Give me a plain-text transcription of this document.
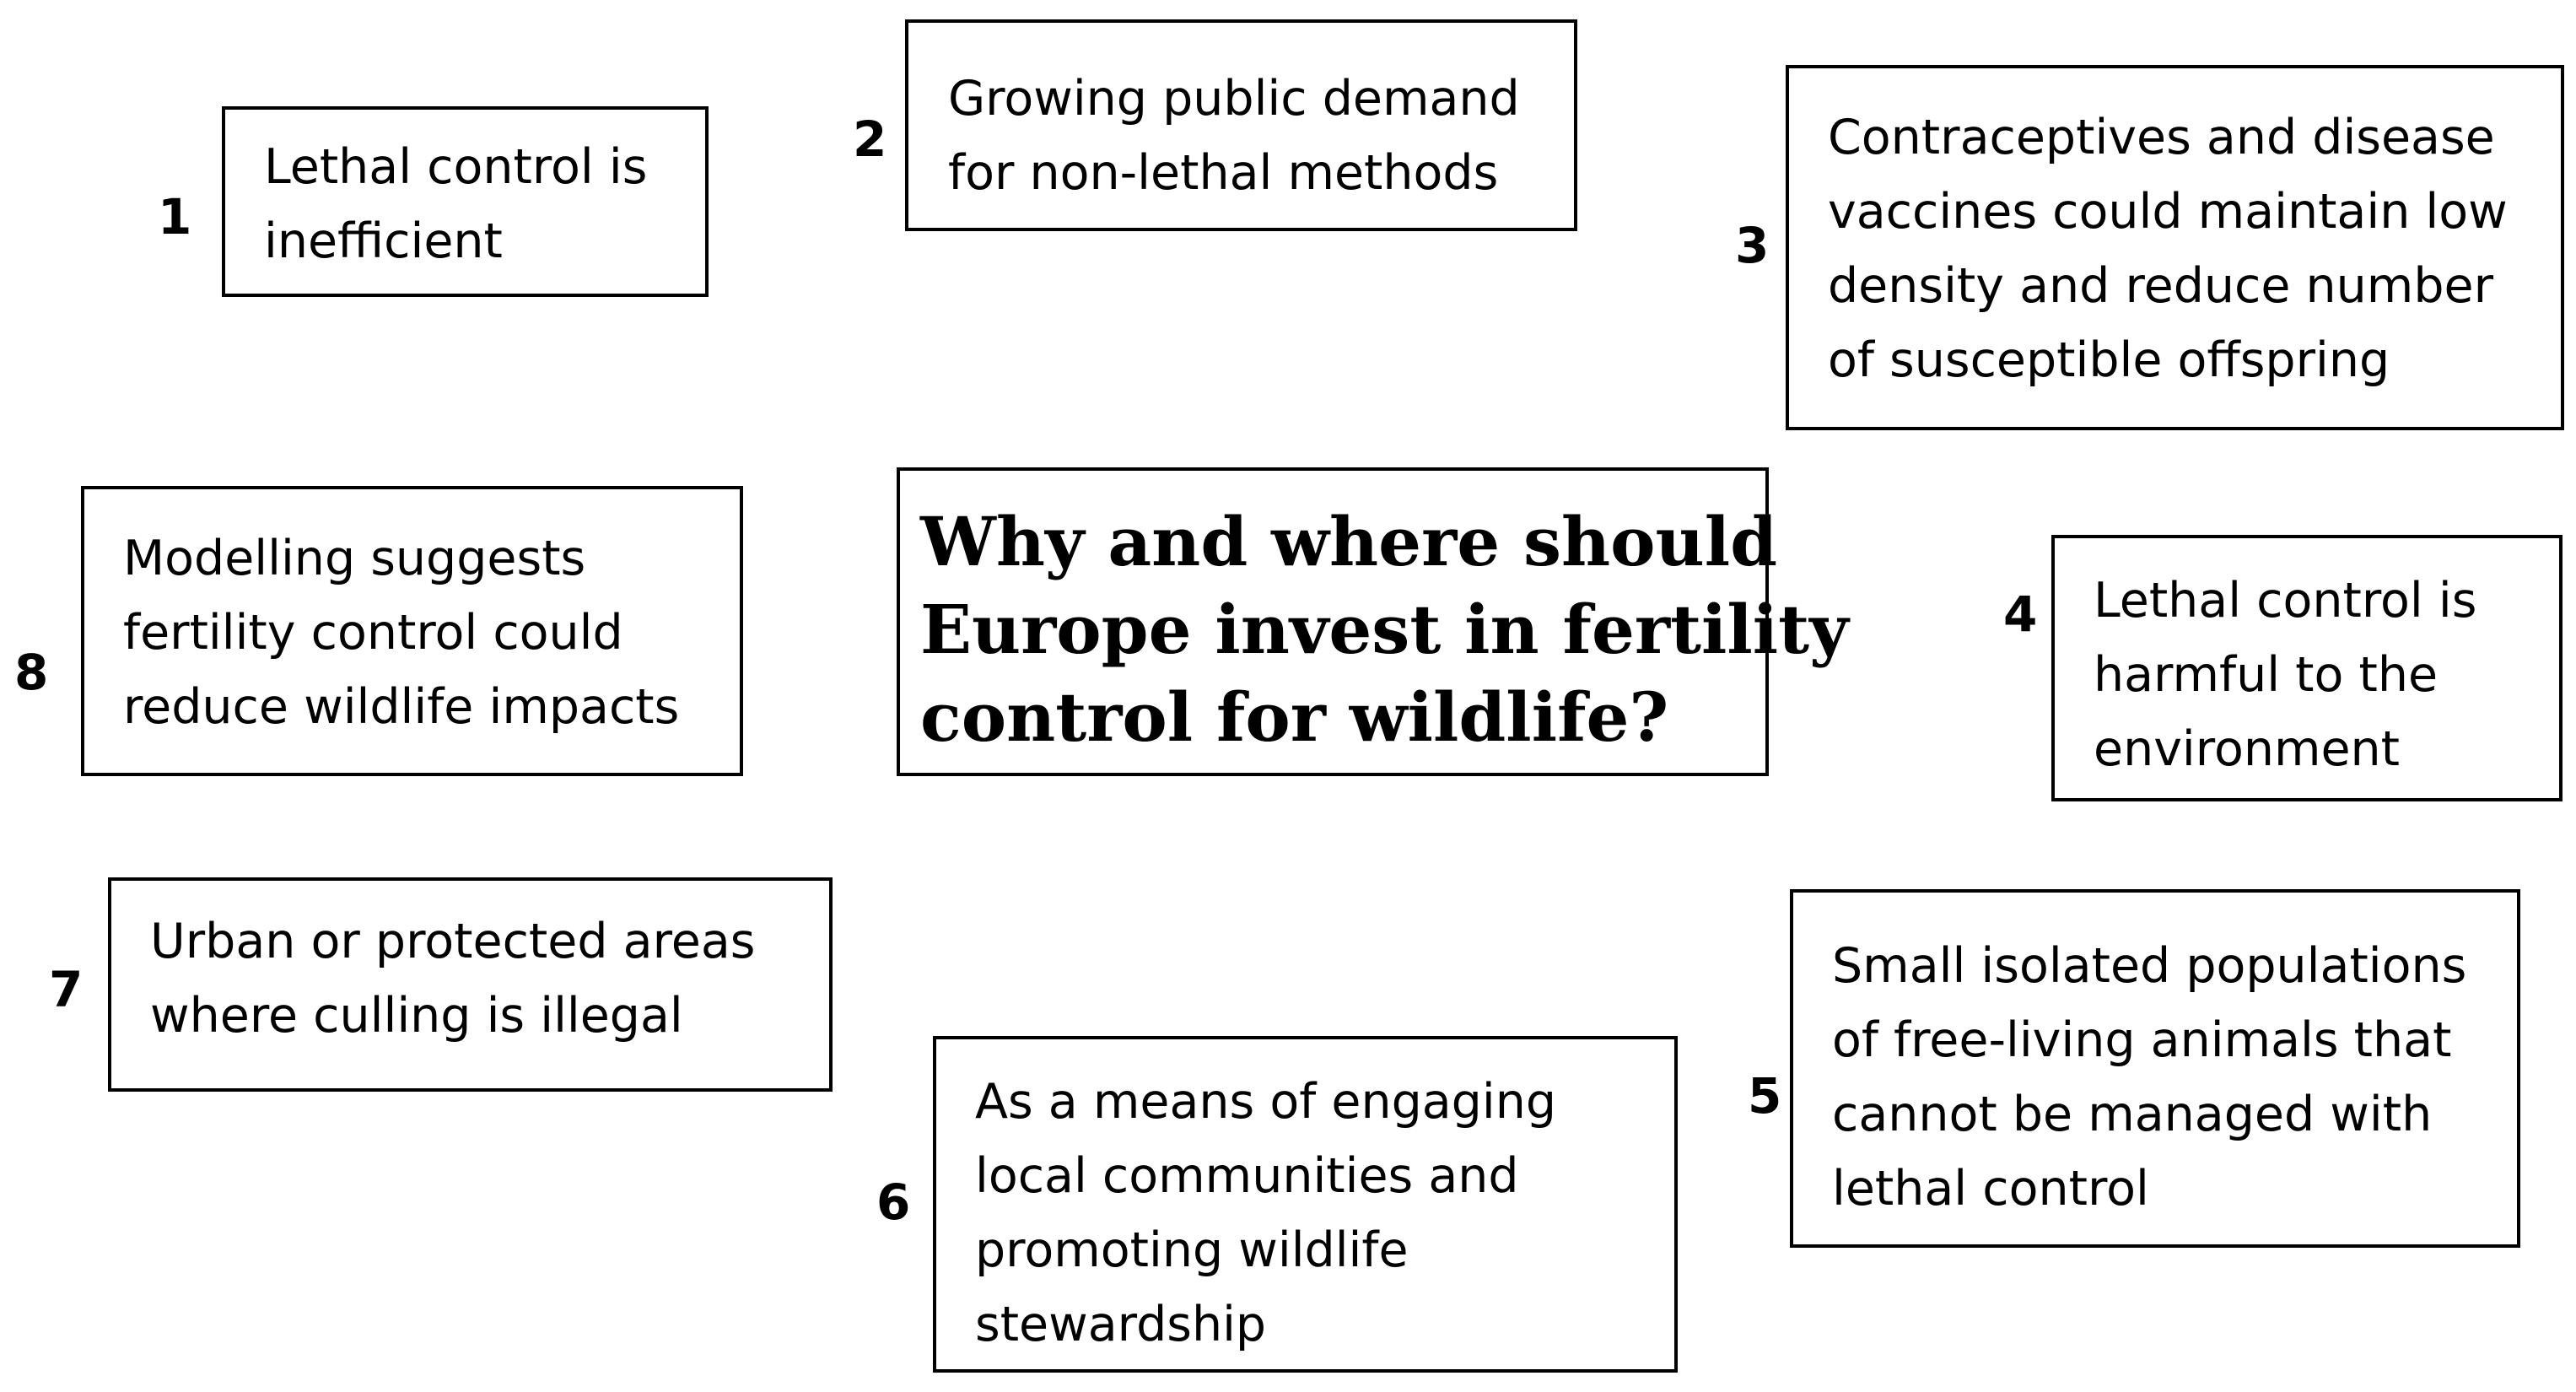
Why and where should
Europe invest in fertility
control for wildlife?
1
Lethal control is
inefficient
2
Growing public demand
for non-lethal methods
3
Contraceptives and disease
vaccines could maintain low
density and reduce number
of susceptible offspring
4 Lethal control is
harmful to the
environment
5
Small isolated populations
of free-living animals that
cannot be managed with
lethal control
6
As a means of engaging
local communities and
promoting wildlife
stewardship
7
Urban or protected areas
where culling is illegal
8
Modelling suggests
fertility control could
reduce wildlife impacts
